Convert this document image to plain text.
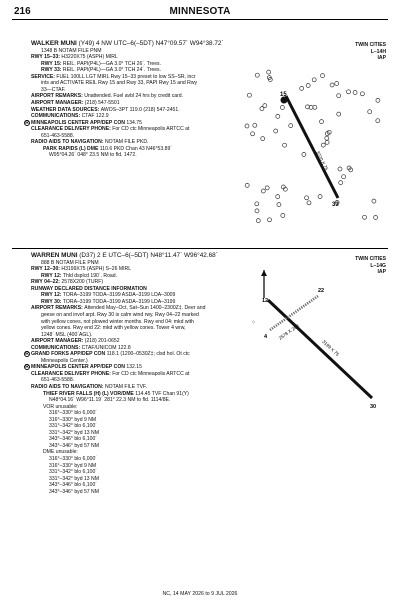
216	MINNESOTA
WALKER MUNI (Y49) 4 NW UTC–6(–5DT) N47°09.57´ W94°38.72´
1348 B NOTAM FILE PNM
RWY 15–33: H3220X75 (ASPH) MIRL
RWY 15: REIL. PAPI(P4L)—GA 3.0° TCH 26´. Trees.
RWY 33: REIL. PAPI(P4L)—GA 3.0° TCH 24´. Trees.
SERVICE: FUEL 100LL LGT MIRL Rwy 15–33 preset to low SS–SR, incr
ints and ACTIVATE REIL Rwy 15 and Rwy 33, PAPI Rwy 15 and Rwy
33—CTAF.
AIRPORT REMARKS: Unattended. Fuel avbl 24 hrs by credit card.
AIRPORT MANAGER: (218) 547-5501
WEATHER DATA SOURCES: AWOS–3PT 119.0 (218) 547-2451.
COMMUNICATIONS: CTAF 122.9
R MINNEAPOLIS CENTER APP/DEP CON 134.75
CLEARANCE DELIVERY PHONE: For CD ctc Minneapolis ARTCC at
651-463-5588.
RADIO AIDS TO NAVIGATION: NOTAM FILE PKD.
PARK RAPIDS (L) DME 110.6 PKD Chan 43 N46°53.89´
W95°04.26´ 048° 23.5 NM to fld. 1472.
TWIN CITIES
L–14H
IAP
15
33
3220 X 75
WARREN MUNI (D37) 2 E UTC–6(–5DT) N48°11.47´ W96°42.68´
888 B NOTAM FILE PNM
RWY 12–30: H3199X75 (ASPH) S–26 MIRL
RWY 12: Thld dsplcd 190´. Road.
RWY 04–22: 2578X200 (TURF)
RUNWAY DECLARED DISTANCE INFORMATION
RWY 12: TORA–3199 TODA–3199 ASDA–3199 LDA–3009
RWY 30: TORA–3199 TODA–3199 ASDA–3199 LDA–3199
AIRPORT REMARKS: Attended May–Oct, Sat–Sun 1400–2300Z‡. Deer and
geese on and invof arpt. Rwy 30 is calm wind rwy. Rwy 04–22 marked
with yellow cones, not plowed winter months. Rwy end 04: mkd with
yellow cones. Rwy end 22: mkd with yellow cones. Tower 4 wrw,
1248´ MSL (400´AGL).
AIRPORT MANAGER: (218) 201-0652
COMMUNICATIONS: CTAF/UNICOM 122.8
R GRAND FORKS APP/DEP CON 118.1 (1200–0530Z‡; clsd hol. Ot ctc
Minneapolis Center.)
R MINNEAPOLIS CENTER APP/DEP CON 132.15
CLEARANCE DELIVERY PHONE: For CD ctc Minneapolis ARTCC at
651-463-5588.
RADIO AIDS TO NAVIGATION: NOTAM FILE TVF.
THIEF RIVER FALLS (H) (L) VOR/DME 114.45 TVF Chan 91(Y)
N48°04.16´ W96°11.19´ 281° 22.3 NM to fld. 1114/8E.
VOR unusable:
316°–330° blo 6,000´
316°–330° byd 9 NM
331°–342° blo 6,100´
331°–342° byd 13 NM
343°–346° blo 6,100´
343°–346° byd 57 NM
DME unusable:
316°–330° blo 6,000´
316°–330° byd 9 NM
331°–342° blo 6,100´
331°–342° byd 13 NM
343°–346° blo 6,100´
343°–346° byd 57 NM
TWIN CITIES
L–14G
IAP
12
30
4
22
2578 X 200
3199 X 75
◇
NC, 14 MAY 2026 to 9 JUL 2026
